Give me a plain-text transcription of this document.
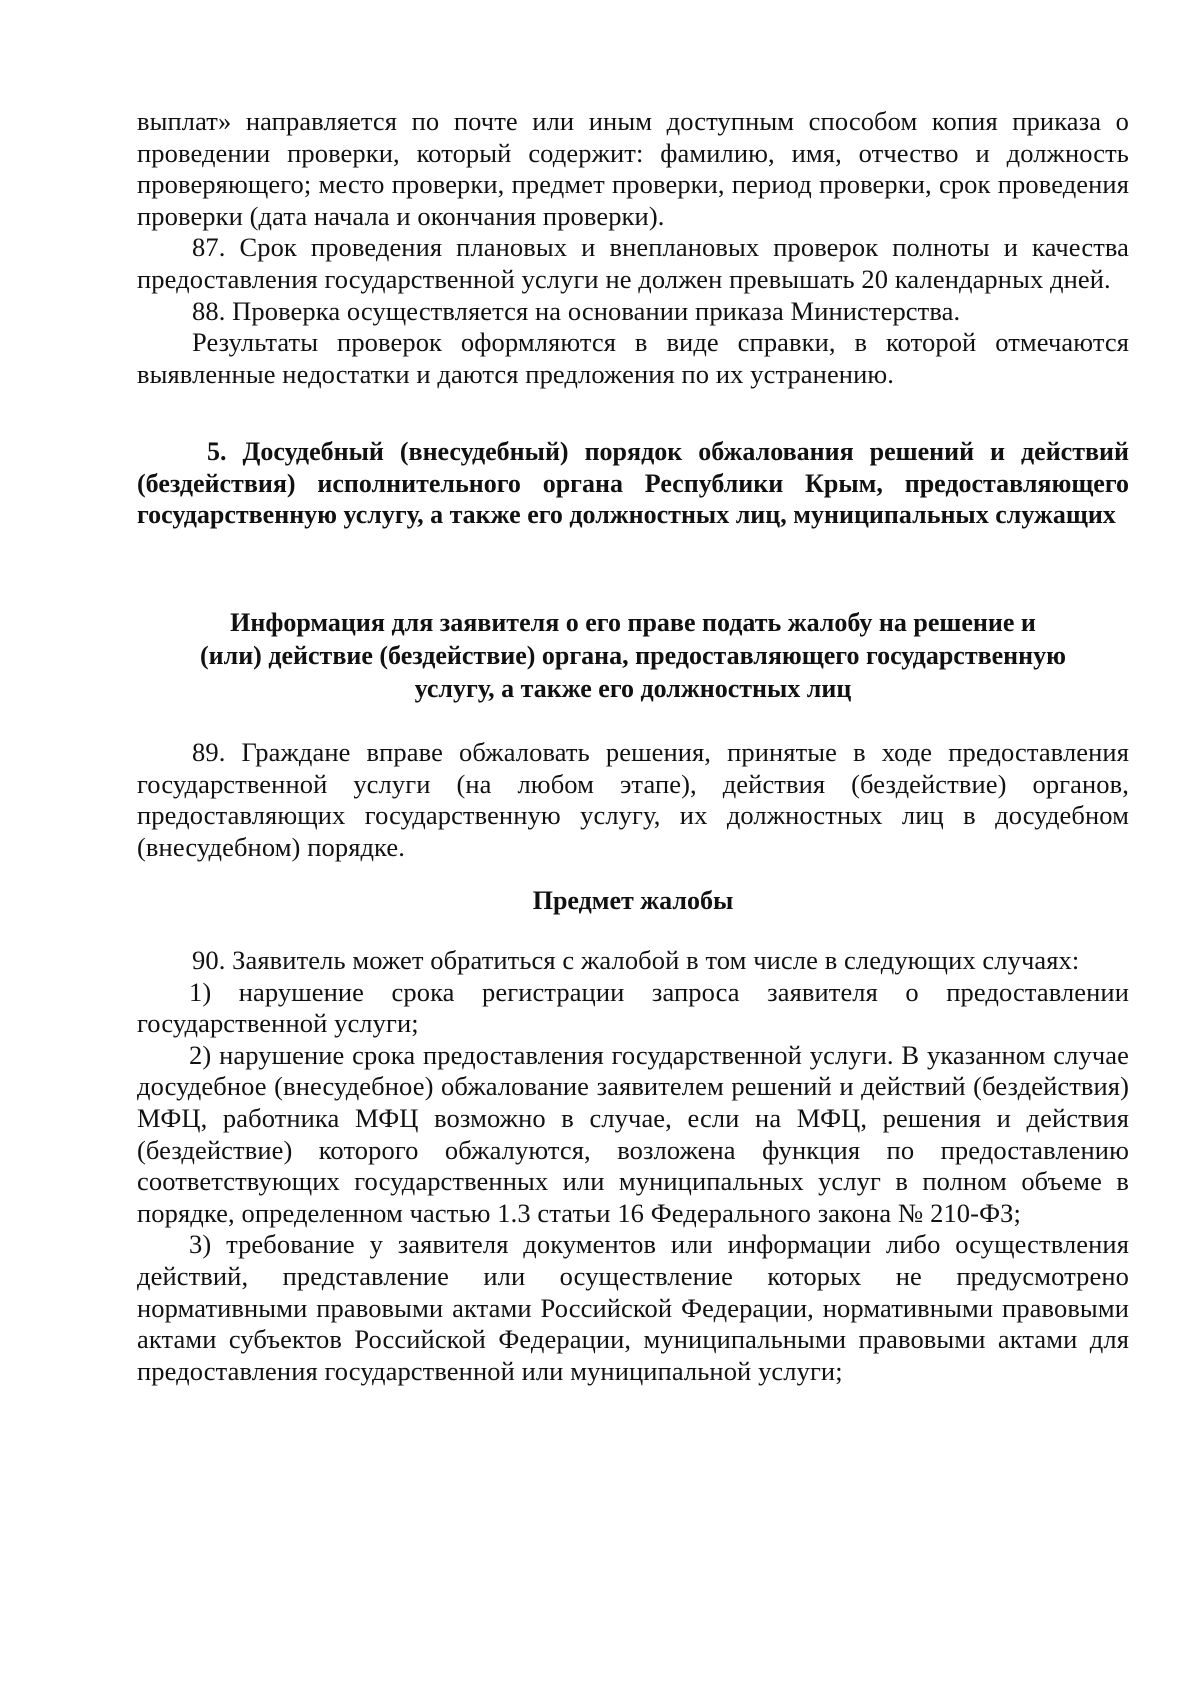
выплат» направляется по почте или иным доступным способом копия приказа о проведении проверки, который содержит: фамилию, имя, отчество и должность проверяющего; место проверки, предмет проверки, период проверки, срок проведения проверки (дата начала и окончания проверки).

87. Срок проведения плановых и внеплановых проверок полноты и качества предоставления государственной услуги не должен превышать 20 календарных дней.

88. Проверка осуществляется на основании приказа Министерства.

Результаты проверок оформляются в виде справки, в которой отмечаются выявленные недостатки и даются предложения по их устранению.

5. Досудебный (внесудебный) порядок обжалования решений и действий (бездействия) исполнительного органа Республики Крым, предоставляющего государственную услугу, а также его должностных лиц, муниципальных служащих
Информация для заявителя о его праве подать жалобу на решение и
(или) действие (бездействие) органа, предоставляющего государственную
услугу, а также его должностных лиц

89. Граждане вправе обжаловать решения, принятые в ходе предоставления государственной услуги (на любом этапе), действия (бездействие) органов, предоставляющих государственную услугу, их должностных лиц в досудебном (внесудебном) порядке.

Предмет жалобы

90. Заявитель может обратиться с жалобой в том числе в следующих случаях:

1) нарушение срока регистрации запроса заявителя о предоставлении государственной услуги;

2) нарушение срока предоставления государственной услуги. В указанном случае досудебное (внесудебное) обжалование заявителем решений и действий (бездействия) МФЦ, работника МФЦ возможно в случае, если на МФЦ, решения и действия (бездействие) которого обжалуются, возложена функция по предоставлению соответствующих государственных или муниципальных услуг в полном объеме в порядке, определенном частью 1.3 статьи 16 Федерального закона № 210-ФЗ;

3) требование у заявителя документов или информации либо осуществления действий, представление или осуществление которых не предусмотрено нормативными правовыми актами Российской Федерации, нормативными правовыми актами субъектов Российской Федерации, муниципальными правовыми актами для предоставления государственной или муниципальной услуги;
